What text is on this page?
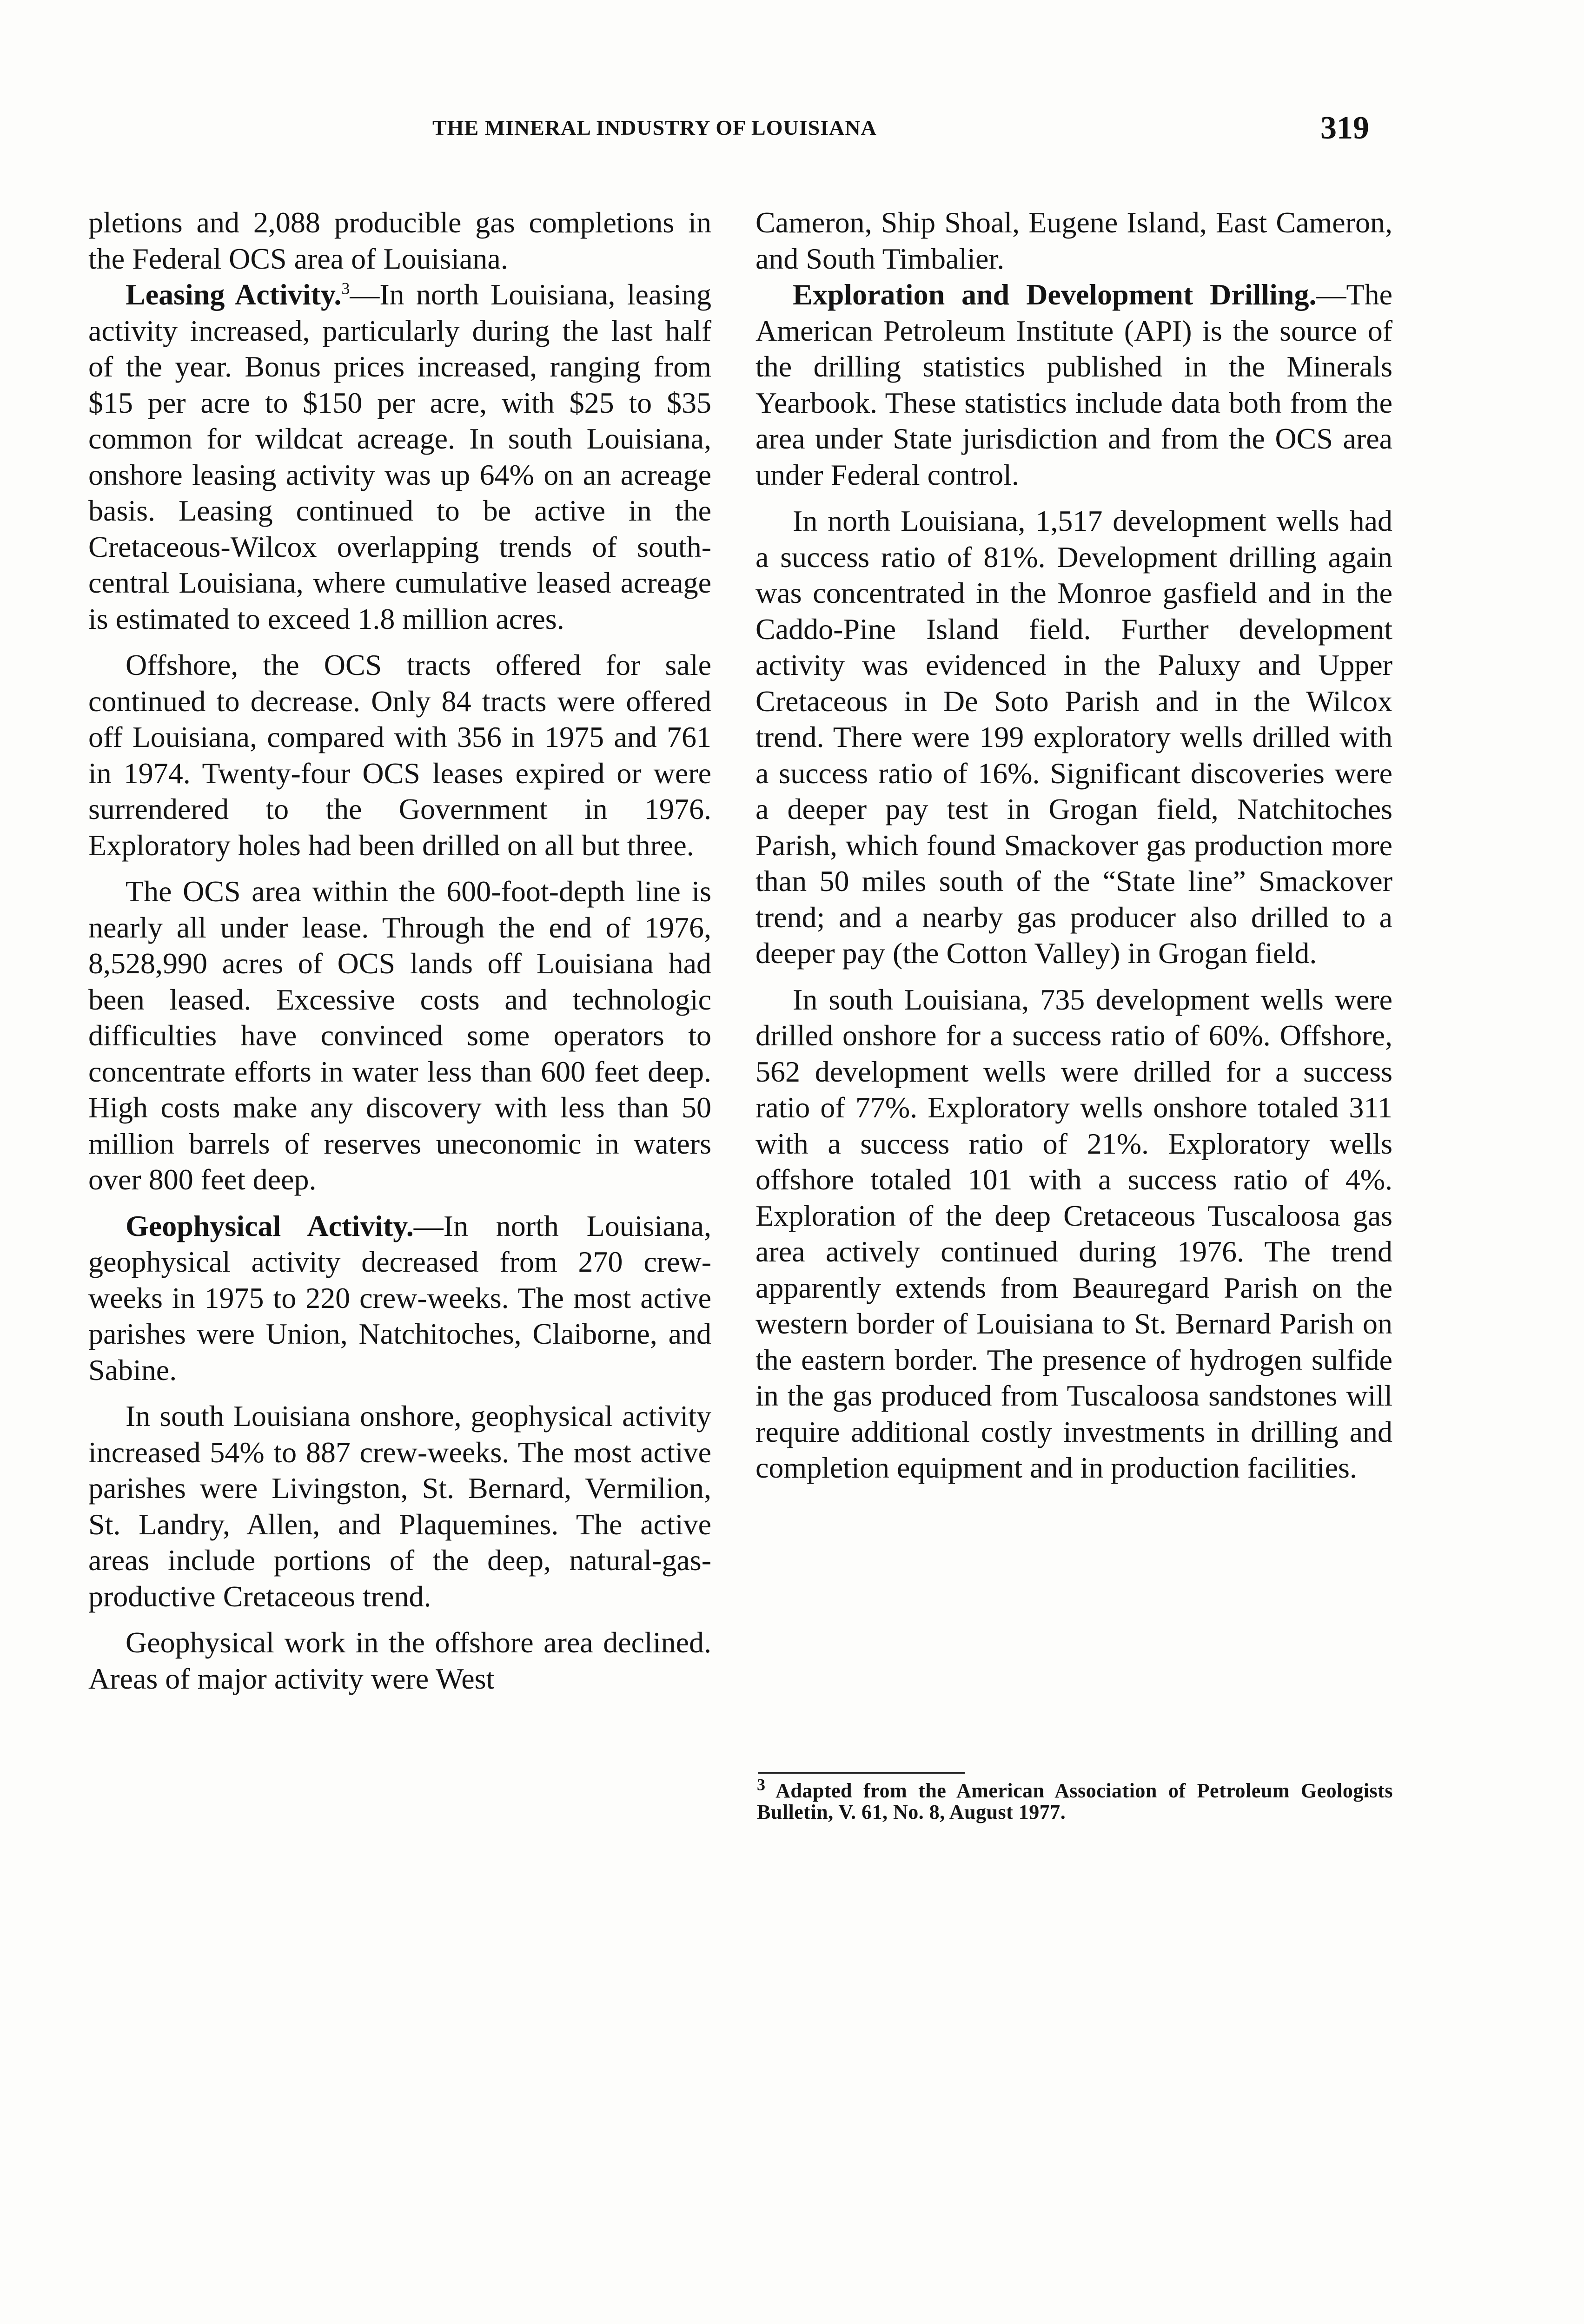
THE MINERAL INDUSTRY OF LOUISIANA	319

pletions and 2,088 producible gas completions in the Federal OCS area of Louisiana.

Leasing Activity.$^3$—In north Louisiana, leasing activity increased, particularly during the last half of the year. Bonus prices increased, ranging from $15 per acre to $150 per acre, with $25 to $35 common for wildcat acreage. In south Louisiana, onshore leasing activity was up 64% on an acreage basis. Leasing continued to be active in the Cretaceous-Wilcox overlapping trends of south-central Louisiana, where cumulative leased acreage is estimated to exceed 1.8 million acres.

Offshore, the OCS tracts offered for sale continued to decrease. Only 84 tracts were offered off Louisiana, compared with 356 in 1975 and 761 in 1974. Twenty-four OCS leases expired or were surrendered to the Government in 1976. Exploratory holes had been drilled on all but three.

The OCS area within the 600-foot-depth line is nearly all under lease. Through the end of 1976, 8,528,990 acres of OCS lands off Louisiana had been leased. Excessive costs and technologic difficulties have convinced some operators to concentrate efforts in water less than 600 feet deep. High costs make any discovery with less than 50 million barrels of reserves uneconomic in waters over 800 feet deep.

Geophysical Activity.—In north Louisiana, geophysical activity decreased from 270 crew-weeks in 1975 to 220 crew-weeks. The most active parishes were Union, Natchitoches, Claiborne, and Sabine.

In south Louisiana onshore, geophysical activity increased 54% to 887 crew-weeks. The most active parishes were Livingston, St. Bernard, Vermilion, St. Landry, Allen, and Plaquemines. The active areas include portions of the deep, natural-gas-productive Cretaceous trend.

Geophysical work in the offshore area declined. Areas of major activity were West

Cameron, Ship Shoal, Eugene Island, East Cameron, and South Timbalier.

Exploration and Development Drilling.—The American Petroleum Institute (API) is the source of the drilling statistics published in the Minerals Yearbook. These statistics include data both from the area under State jurisdiction and from the OCS area under Federal control.

In north Louisiana, 1,517 development wells had a success ratio of 81%. Development drilling again was concentrated in the Monroe gasfield and in the Caddo-Pine Island field. Further development activity was evidenced in the Paluxy and Upper Cretaceous in De Soto Parish and in the Wilcox trend. There were 199 exploratory wells drilled with a success ratio of 16%. Significant discoveries were a deeper pay test in Grogan field, Natchitoches Parish, which found Smackover gas production more than 50 miles south of the “State line” Smackover trend; and a nearby gas producer also drilled to a deeper pay (the Cotton Valley) in Grogan field.

In south Louisiana, 735 development wells were drilled onshore for a success ratio of 60%. Offshore, 562 development wells were drilled for a success ratio of 77%. Exploratory wells onshore totaled 311 with a success ratio of 21%. Exploratory wells offshore totaled 101 with a success ratio of 4%. Exploration of the deep Cretaceous Tuscaloosa gas area actively continued during 1976. The trend apparently extends from Beauregard Parish on the western border of Louisiana to St. Bernard Parish on the eastern border. The presence of hydrogen sulfide in the gas produced from Tuscaloosa sandstones will require additional costly investments in drilling and completion equipment and in production facilities.

$^3$ Adapted from the American Association of Petroleum Geologists Bulletin, V. 61, No. 8, August 1977.
